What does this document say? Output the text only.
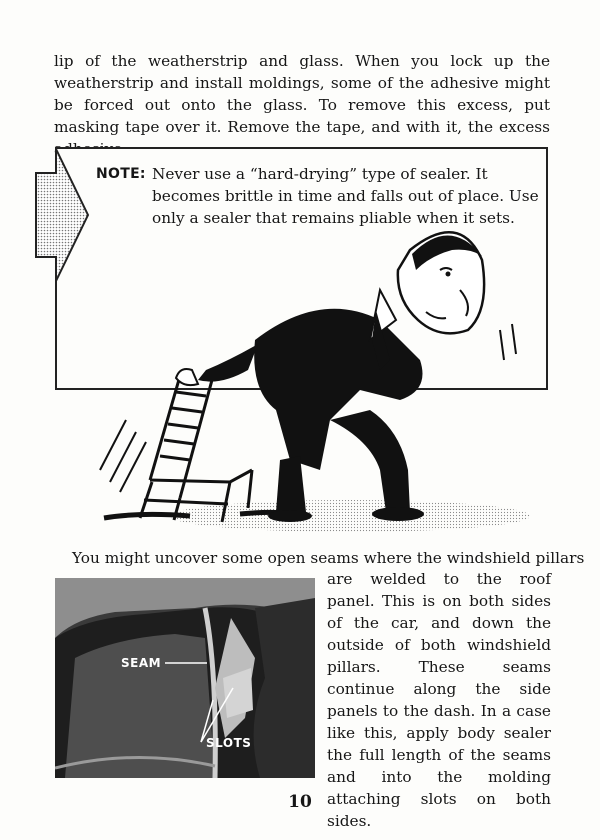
lip of the weatherstrip and glass. When you lock up the weatherstrip and install moldings, some of the adhesive might be forced out onto the glass. To remove this excess, put masking tape over it. Remove the tape, and with it, the excess

NOTE: Never use a “hard-drying” type of sealer. It becomes brittle in time and falls out of place. Use only a sealer that remains pliable when it sets.

You might uncover some open seams where the windshield pillars

SEAM
SLOTS

are welded to the roof panel. This is on both sides of the car, and down the outside of both windshield pillars. These seams continue along the side panels to the dash. In a case like this, apply body sealer the full length of the seams and into the molding attaching slots on both sides.

10
